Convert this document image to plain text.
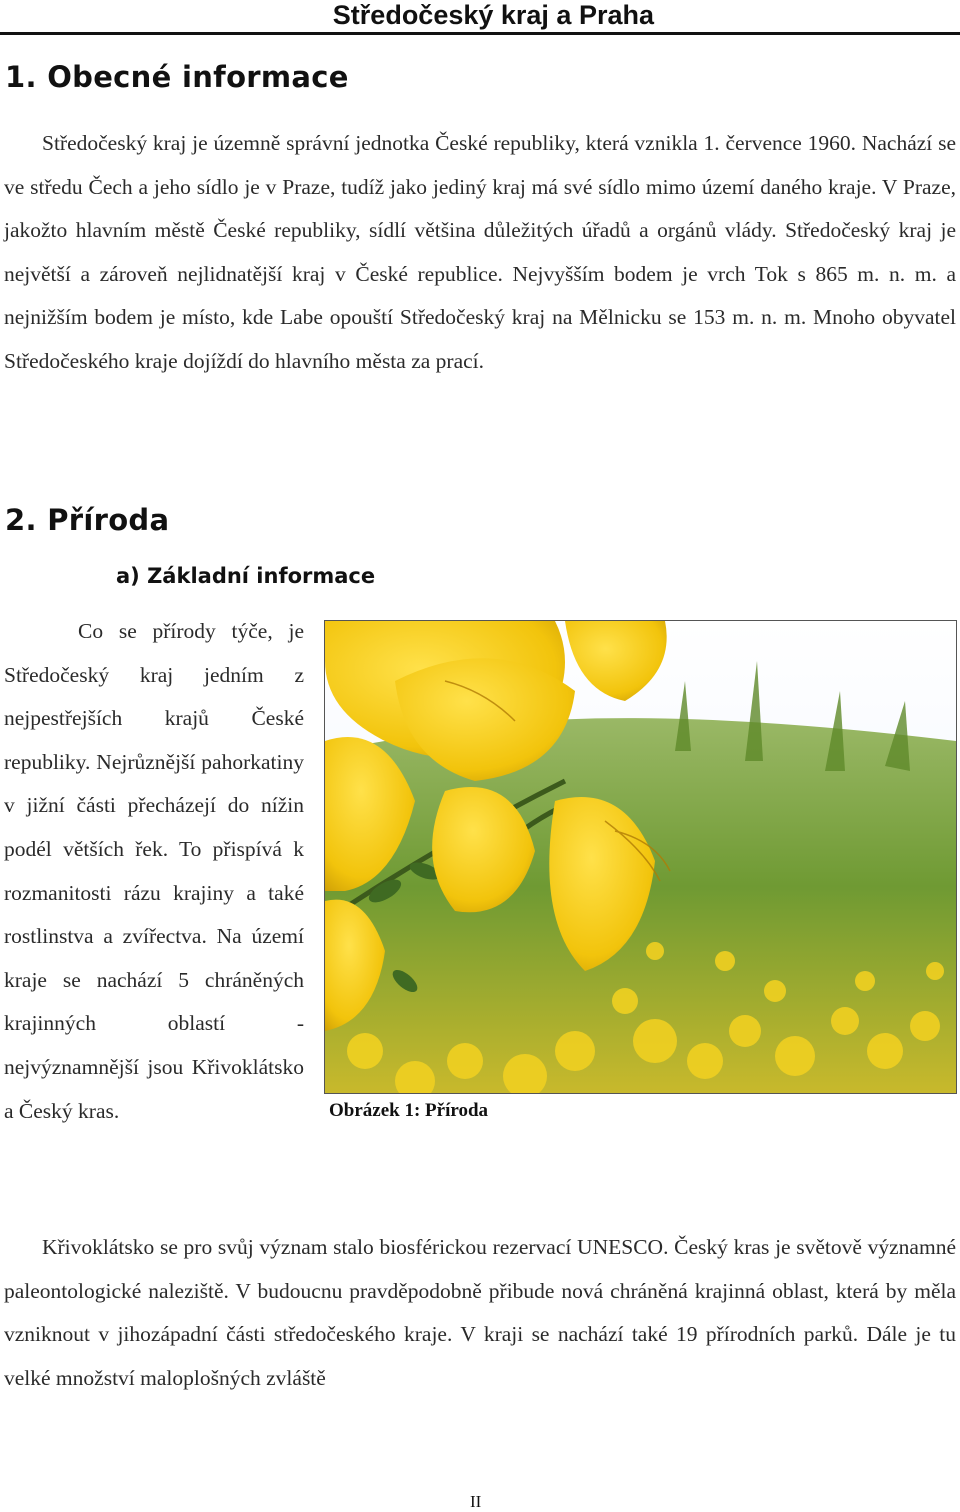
Středočeský kraj a Praha
1. Obecné informace

Středočeský kraj je územně správní jednotka České republiky, která vznikla 1. července 1960. Nachází se ve středu Čech a jeho sídlo je v Praze, tudíž jako jediný kraj má své sídlo mimo území daného kraje. V Praze, jakožto hlavním městě České republiky, sídlí většina důležitých úřadů a orgánů vlády. Středočeský kraj je největší a zároveň nejlidnatější kraj v České republice. Nejvyšším bodem je vrch Tok s 865 m. n. m. a nejnižším bodem je místo, kde Labe opouští Středočeský kraj na Mělnicku se 153 m. n. m. Mnoho obyvatel Středočeského kraje dojíždí do hlavního města za prací.

2. Příroda
a) Základní informace

Co se přírody týče, je Středočeský kraj jedním z nejpestřejších krajů České republiky. Nejrůznější pahorkatiny v jižní části přecházejí do nížin podél větších řek. To přispívá k rozmanitosti rázu krajiny a také rostlinstva a zvířectva. Na území kraje se nachází 5 chráněných krajinných oblastí - nejvýznamnější jsou Křivoklátsko a Český kras.	Obrázek 1: Příroda

Křivoklátsko se pro svůj význam stalo biosférickou rezervací UNESCO. Český kras je světově významné paleontologické naleziště. V budoucnu pravděpodobně přibude nová chráněná krajinná oblast, která by měla vzniknout v jihozápadní části středočeského kraje. V kraji se nachází také 19 přírodních parků. Dále je tu velké množství maloplošných zvláště

II
